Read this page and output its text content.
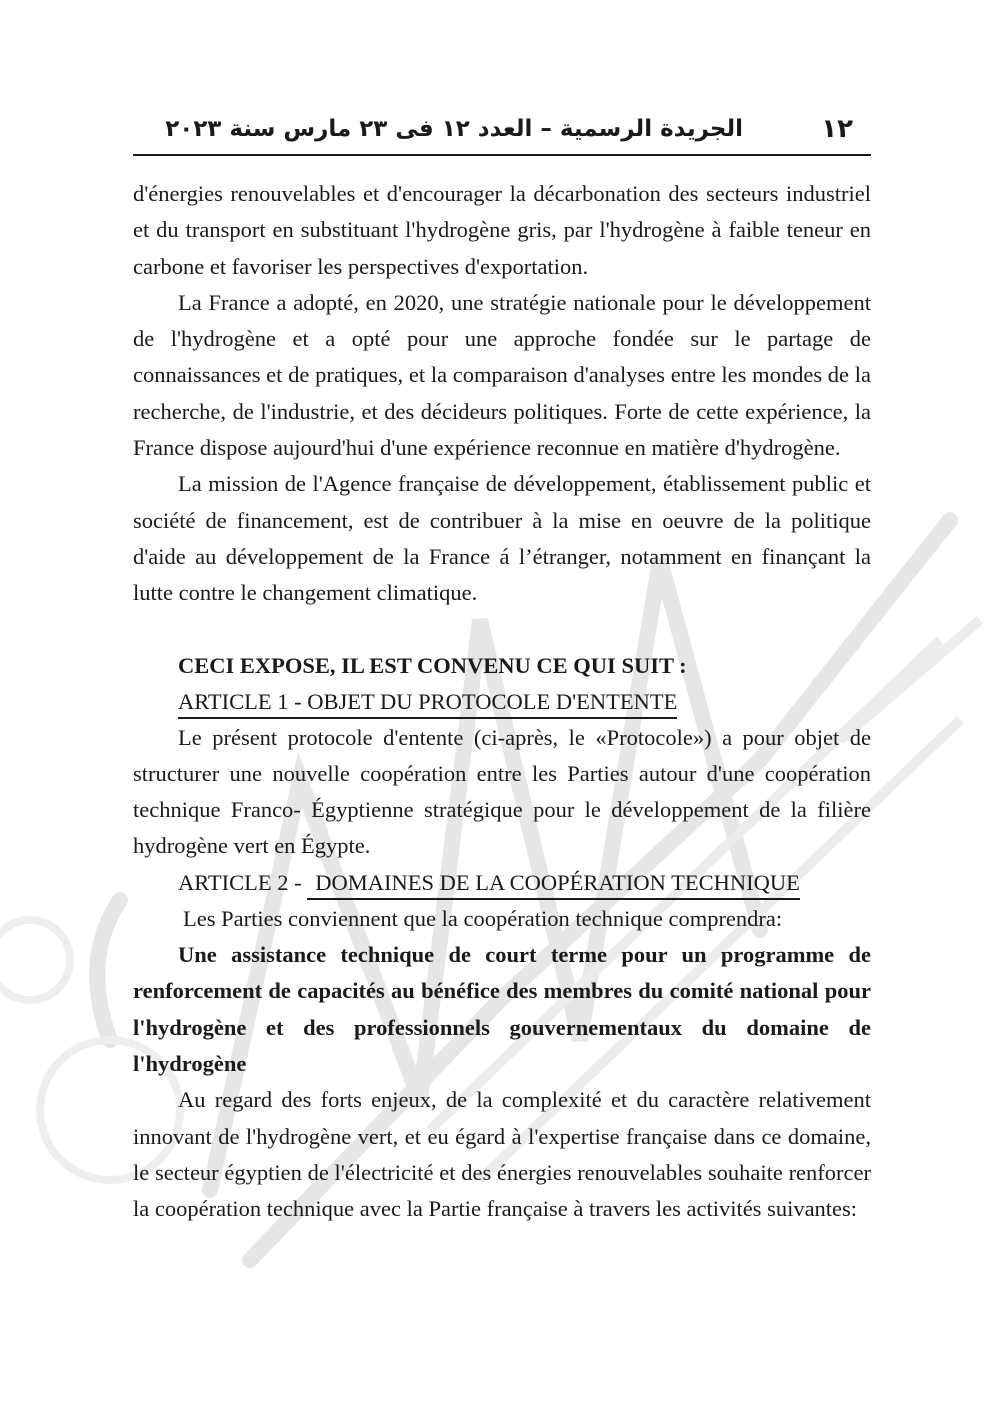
١٢
الجريدة الرسمية – العدد ١٢ فى ٢٣ مارس سنة ٢٠٢٣

d'énergies renouvelables et d'encourager la décarbonation des secteurs industriel et du transport en substituant l'hydrogène gris, par l'hydrogène à faible teneur en carbone et favoriser les perspectives d'exportation.

La France a adopté, en 2020, une stratégie nationale pour le développement de l'hydrogène et a opté pour une approche fondée sur le partage de connaissances et de pratiques, et la comparaison d'analyses entre les mondes de la recherche, de l'industrie, et des décideurs politiques. Forte de cette expérience, la France dispose aujourd'hui d'une expérience reconnue en matière d'hydrogène.

La mission de l'Agence française de développement, établissement public et société de financement, est de contribuer à la mise en oeuvre de la politique d'aide au développement de la France á l’étranger, notamment en finançant la lutte contre le changement climatique.

CECI EXPOSE, IL EST CONVENU CE QUI SUIT :
ARTICLE 1 - OBJET DU PROTOCOLE D'ENTENTE

Le présent protocole d'entente (ci-après, le «Protocole») a pour objet de structurer une nouvelle coopération entre les Parties autour d'une coopération technique Franco- Égyptienne stratégique pour le développement de la filière hydrogène vert en Égypte.

ARTICLE 2 - DOMAINES DE LA COOPÉRATION TECHNIQUE
Les Parties conviennent que la coopération technique comprendra:

Une assistance technique de court terme pour un programme de renforcement de capacités au bénéfice des membres du comité national pour l'hydrogène et des professionnels gouvernementaux du domaine de l'hydrogène

Au regard des forts enjeux, de la complexité et du caractère relativement innovant de l'hydrogène vert, et eu égard à l'expertise française dans ce domaine, le secteur égyptien de l'électricité et des énergies renouvelables souhaite renforcer la coopération technique avec la Partie française à travers les activités suivantes:
